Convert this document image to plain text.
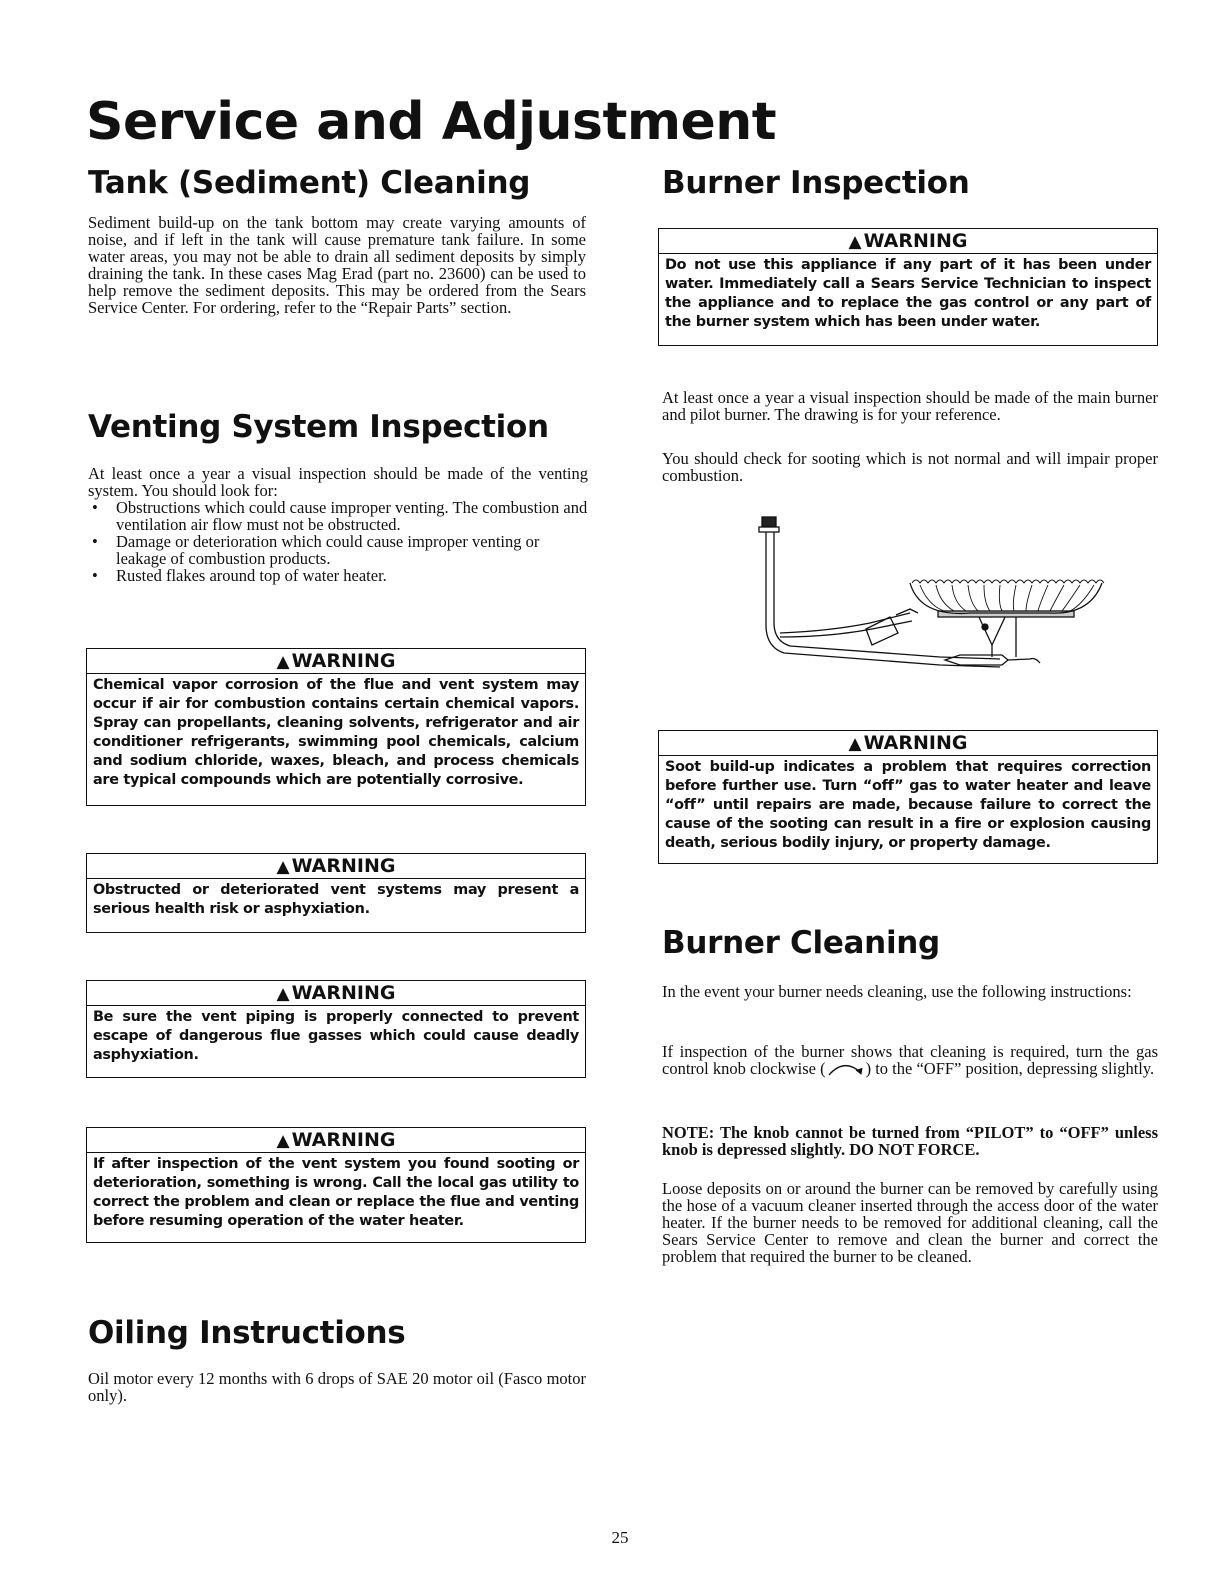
Service and Adjustment
Tank (Sediment) Cleaning

Sediment build-up on the tank bottom may create varying amounts of noise, and if left in the tank will cause premature tank failure. In some water areas, you may not be able to drain all sediment deposits by simply draining the tank. In these cases Mag Erad (part no. 23600) can be used to help remove the sediment deposits. This may be ordered from the Sears Service Center. For ordering, refer to the “Repair Parts” section.

Venting System Inspection

At least once a year a visual inspection should be made of the venting system. You should look for:

• Obstructions which could cause improper venting. The combustion and ventilation air flow must not be obstructed.
• Damage or deterioration which could cause improper venting or leakage of combustion products.
• Rusted flakes around top of water heater.
▲ WARNING
Chemical vapor corrosion of the flue and vent system may occur if air for combustion contains certain chemical vapors. Spray can propellants, cleaning solvents, refrigerator and air conditioner refrigerants, swimming pool chemicals, calcium and sodium chloride, waxes, bleach, and process chemicals are typical compounds which are potentially corrosive.
▲ WARNING
Obstructed or deteriorated vent systems may present a serious health risk or asphyxiation.
▲ WARNING
Be sure the vent piping is properly connected to prevent escape of dangerous flue gasses which could cause deadly asphyxiation.
▲ WARNING
If after inspection of the vent system you found sooting or deterioration, something is wrong. Call the local gas utility to correct the problem and clean or replace the flue and venting before resuming operation of the water heater.
Oiling Instructions

Oil motor every 12 months with 6 drops of SAE 20 motor oil (Fasco motor only).

Burner Inspection
▲ WARNING
Do not use this appliance if any part of it has been under water. Immediately call a Sears Service Technician to inspect the appliance and to replace the gas control or any part of the burner system which has been under water.

At least once a year a visual inspection should be made of the main burner and pilot burner. The drawing is for your reference.

You should check for sooting which is not normal and will impair proper combustion.

▲ WARNING
Soot build-up indicates a problem that requires correction before further use. Turn “off” gas to water heater and leave “off” until repairs are made, because failure to correct the cause of the sooting can result in a fire or explosion causing death, serious bodily injury, or property damage.
Burner Cleaning

In the event your burner needs cleaning, use the following instructions:

If inspection of the burner shows that cleaning is required, turn the gas control knob clockwise ( ) to the “OFF” position, depressing slightly.

NOTE: The knob cannot be turned from “PILOT” to “OFF” unless knob is depressed slightly. DO NOT FORCE.

Loose deposits on or around the burner can be removed by carefully using the hose of a vacuum cleaner inserted through the access door of the water heater. If the burner needs to be removed for additional cleaning, call the Sears Service Center to remove and clean the burner and correct the problem that required the burner to be cleaned.

25
